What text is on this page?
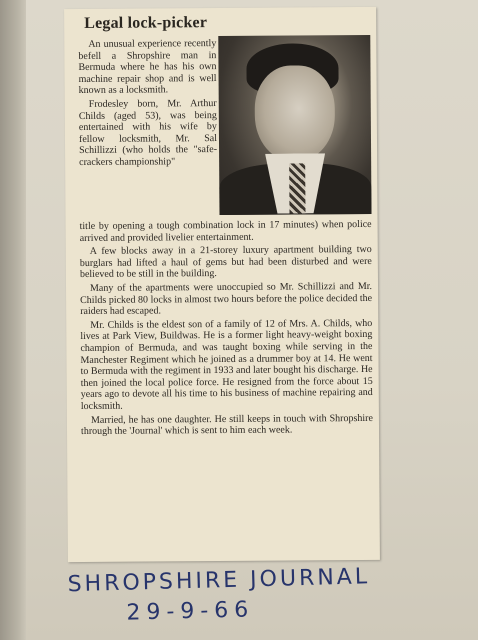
Legal lock-picker

An unusual experience recently befell a Shropshire man in Bermuda where he has his own machine repair shop and is well known as a locksmith.

Frodesley born, Mr. Arthur Childs (aged 53), was being entertained with his wife by fellow locksmith, Mr. Sal Schillizzi (who holds the "safe-crackers championship"

title by opening a tough combination lock in 17 minutes) when police arrived and provided livelier entertainment.

A few blocks away in a 21-storey luxury apartment building two burglars had lifted a haul of gems but had been disturbed and were believed to be still in the building.

Many of the apartments were unoccupied so Mr. Schillizzi and Mr. Childs picked 80 locks in almost two hours before the police decided the raiders had escaped.

Mr. Childs is the eldest son of a family of 12 of Mrs. A. Childs, who lives at Park View, Buildwas. He is a former light heavy-weight boxing champion of Bermuda, and was taught boxing while serving in the Manchester Regiment which he joined as a drummer boy at 14. He went to Bermuda with the regiment in 1933 and later bought his discharge. He then joined the local police force. He resigned from the force about 15 years ago to devote all his time to his business of machine repairing and locksmith.

Married, he has one daughter. He still keeps in touch with Shropshire through the 'Journal' which is sent to him each week.

SHROPSHIRE JOURNAL
29-9-66
